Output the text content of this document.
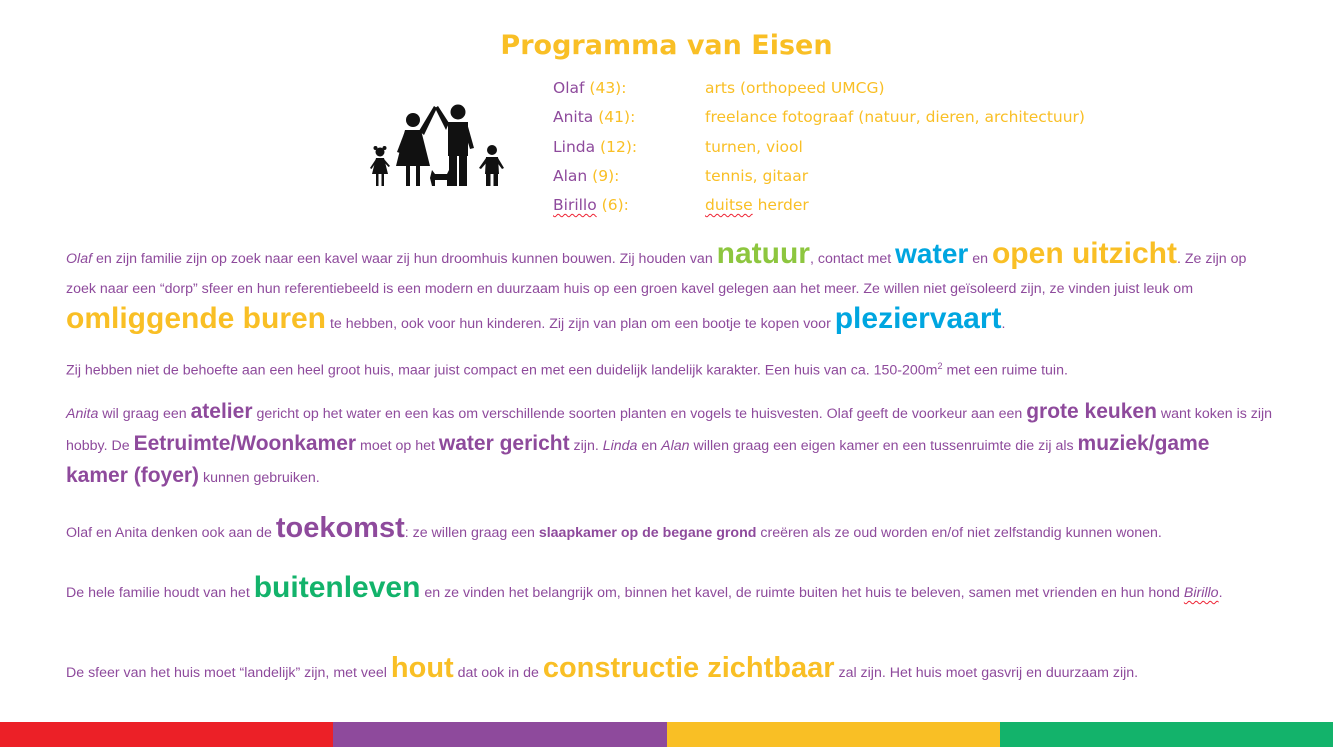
Programma van Eisen
Olaf (43):	arts (orthopeed UMCG)
Anita (41):	freelance fotograaf (natuur, dieren, architectuur)
Linda (12):	turnen, viool
Alan (9):	tennis, gitaar
Birillo (6):	duitse herder
Olaf en zijn familie zijn op zoek naar een kavel waar zij hun droomhuis kunnen bouwen. Zij houden van natuur, contact met water en open uitzicht. Ze zijn op zoek naar een “dorp” sfeer en hun referentiebeeld is een modern en duurzaam huis op een groen kavel gelegen aan het meer. Ze willen niet geïsoleerd zijn, ze vinden juist leuk om omliggende buren te hebben, ook voor hun kinderen. Zij zijn van plan om een bootje te kopen voor pleziervaart.
Zij hebben niet de behoefte aan een heel groot huis, maar juist compact en met een duidelijk landelijk karakter. Een huis van ca. $150-200m^2$ met een ruime tuin.
Anita wil graag een atelier gericht op het water en een kas om verschillende soorten planten en vogels te huisvesten. Olaf geeft de voorkeur aan een grote keuken want koken is zijn hobby. De Eetruimte/Woonkamer moet op het water gericht zijn. Linda en Alan willen graag een eigen kamer en een tussenruimte die zij als muziek/game kamer (foyer) kunnen gebruiken.
Olaf en Anita denken ook aan de toekomst: ze willen graag een slaapkamer op de begane grond creëren als ze oud worden en/of niet zelfstandig kunnen wonen.
De hele familie houdt van het buitenleven en ze vinden het belangrijk om, binnen het kavel, de ruimte buiten het huis te beleven, samen met vrienden en hun hond Birillo.
De sfeer van het huis moet “landelijk” zijn, met veel hout dat ook in de constructie zichtbaar zal zijn. Het huis moet gasvrij en duurzaam zijn.
